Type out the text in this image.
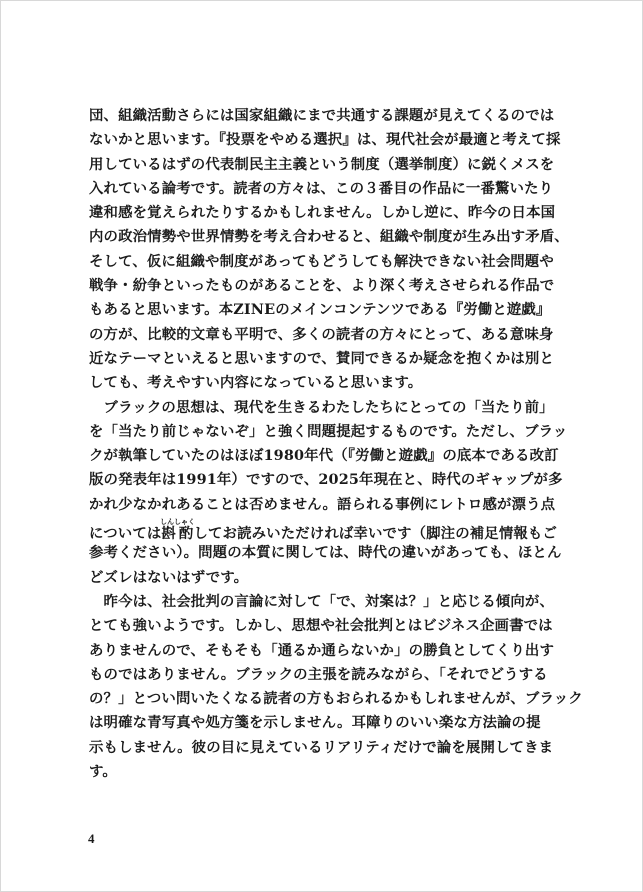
団、組織活動さらには国家組織にまで共通する課題が見えてくるのでは
ないかと思います。『投票をやめる選択』は、現代社会が最適と考えて採
用しているはずの代表制民主主義という制度（選挙制度）に鋭くメスを
入れている論考です。読者の方々は、この３番目の作品に一番驚いたり
違和感を覚えられたりするかもしれません。しかし逆に、昨今の日本国
内の政治情勢や世界情勢を考え合わせると、組織や制度が生み出す矛盾、
そして、仮に組織や制度があってもどうしても解決できない社会問題や
戦争・紛争といったものがあることを、より深く考えさせられる作品で
もあると思います。本ZINEのメインコンテンツである『労働と遊戯』
の方が、比較的文章も平明で、多くの読者の方々にとって、ある意味身
近なテーマといえると思いますので、賛同できるか疑念を抱くかは別と
しても、考えやすい内容になっていると思います。
　ブラックの思想は、現代を生きるわたしたちにとっての「当たり前」
を「当たり前じゃないぞ」と強く問題提起するものです。ただし、ブラッ
クが執筆していたのはほぼ1980年代（『労働と遊戯』の底本である改訂
版の発表年は1991年）ですので、2025年現在と、時代のギャップが多
かれ少なかれあることは否めません。語られる事例にレトロ感が漂う点
については斟酌しんしゃくしてお読みいただければ幸いです（脚注の補足情報もご
参考ください）。問題の本質に関しては、時代の違いがあっても、ほとん
どズレはないはずです。
　昨今は、社会批判の言論に対して「で、対案は？」と応じる傾向が、
とても強いようです。しかし、思想や社会批判とはビジネス企画書では
ありませんので、そもそも「通るか通らないか」の勝負としてくり出す
ものではありません。ブラックの主張を読みながら、「それでどうする
の？」とつい問いたくなる読者の方もおられるかもしれませんが、ブラック
は明確な青写真や処方箋を示しません。耳障りのいい楽な方法論の提
示もしません。彼の目に見えているリアリティだけで論を展開してきま
す。
4
